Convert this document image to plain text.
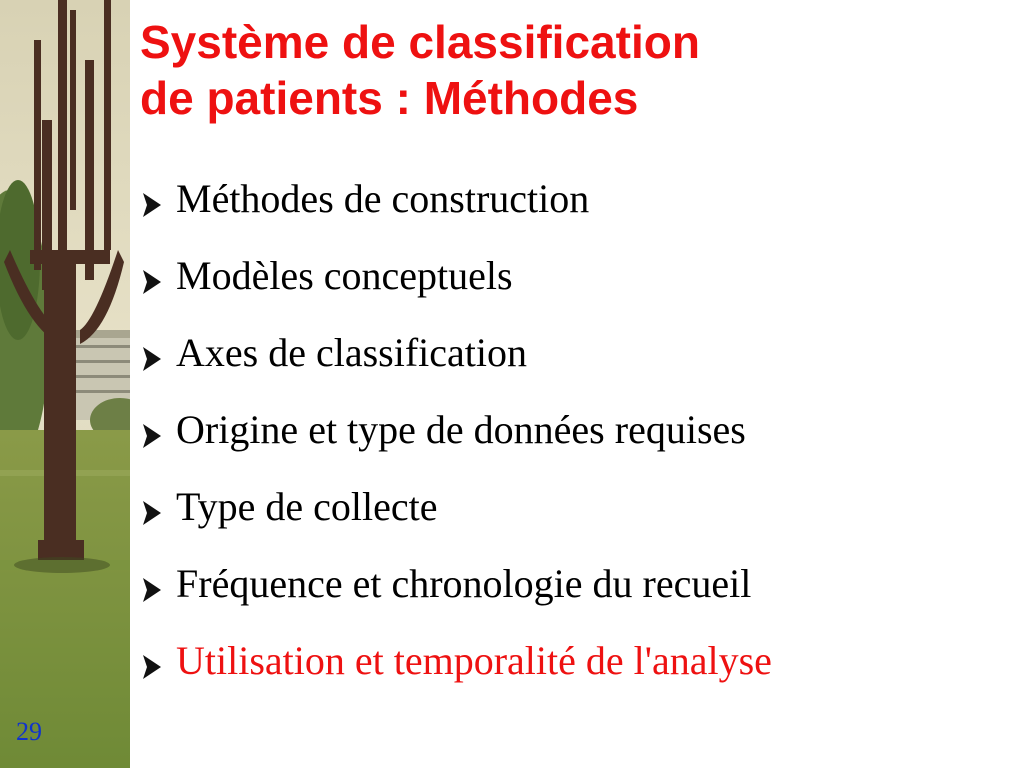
Système de classification
de patients : Méthodes
Méthodes de construction
Modèles conceptuels
Axes de classification
Origine et type de données requises
Type de collecte
Fréquence et chronologie du recueil
Utilisation et temporalité de l'analyse
29
